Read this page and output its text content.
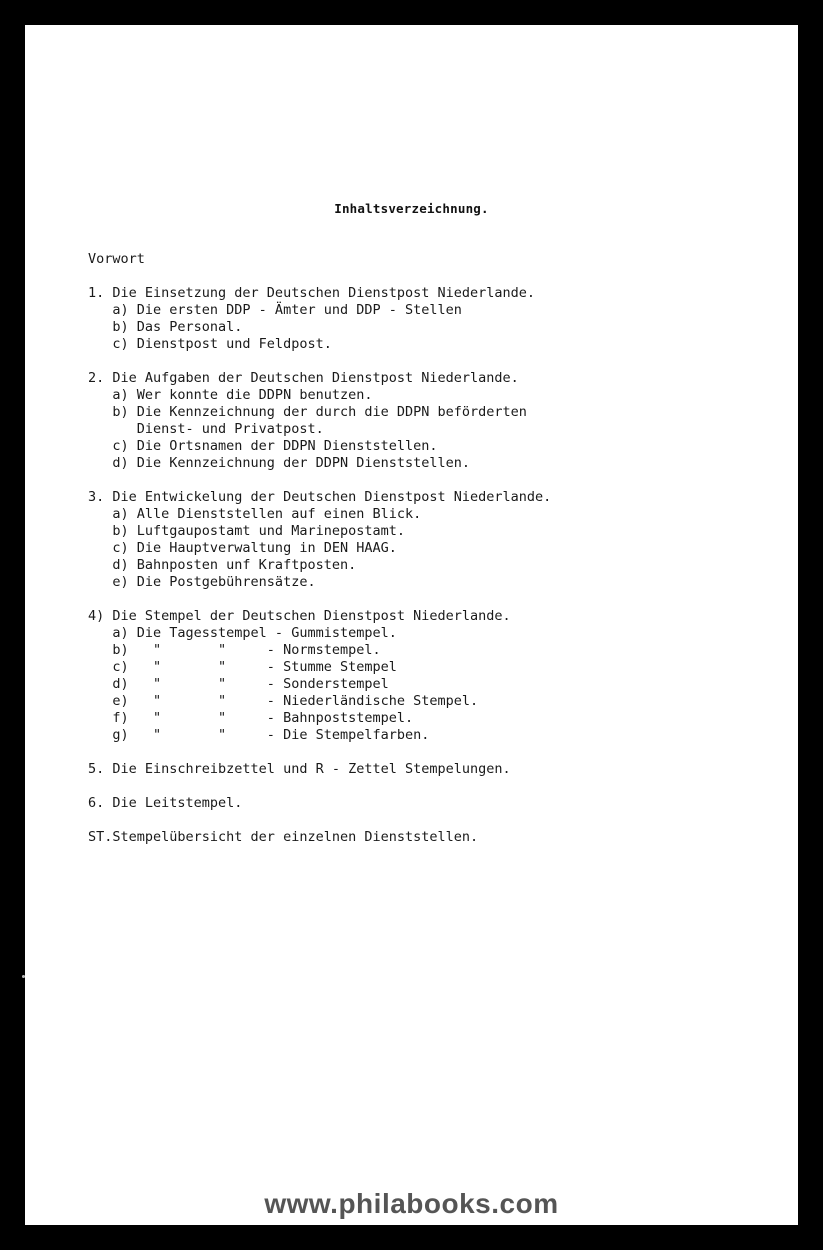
Inhaltsverzeichnung.
Vorwort
1. Die Einsetzung der Deutschen Dienstpost Niederlande.
a) Die ersten DDP - Ämter und DDP - Stellen
b) Das Personal.
c) Dienstpost und Feldpost.
2. Die Aufgaben der Deutschen Dienstpost Niederlande.
a) Wer konnte die DDPN benutzen.
b) Die Kennzeichnung der durch die DDPN beförderten
Dienst- und Privatpost.
c) Die Ortsnamen der DDPN Dienststellen.
d) Die Kennzeichnung der DDPN Dienststellen.
3. Die Entwickelung der Deutschen Dienstpost Niederlande.
a) Alle Dienststellen auf einen Blick.
b) Luftgaupostamt und Marinepostamt.
c) Die Hauptverwaltung in DEN HAAG.
d) Bahnposten unf Kraftposten.
e) Die Postgebührensätze.
4) Die Stempel der Deutschen Dienstpost Niederlande.
a) Die Tagesstempel - Gummistempel.
b)   "       "     - Normstempel.
c)   "       "     - Stumme Stempel
d)   "       "     - Sonderstempel
e)   "       "     - Niederländische Stempel.
f)   "       "     - Bahnpoststempel.
g)   "       "     - Die Stempelfarben.
5. Die Einschreibzettel und R - Zettel Stempelungen.
6. Die Leitstempel.
ST.Stempelübersicht der einzelnen Dienststellen.
www.philabooks.com
